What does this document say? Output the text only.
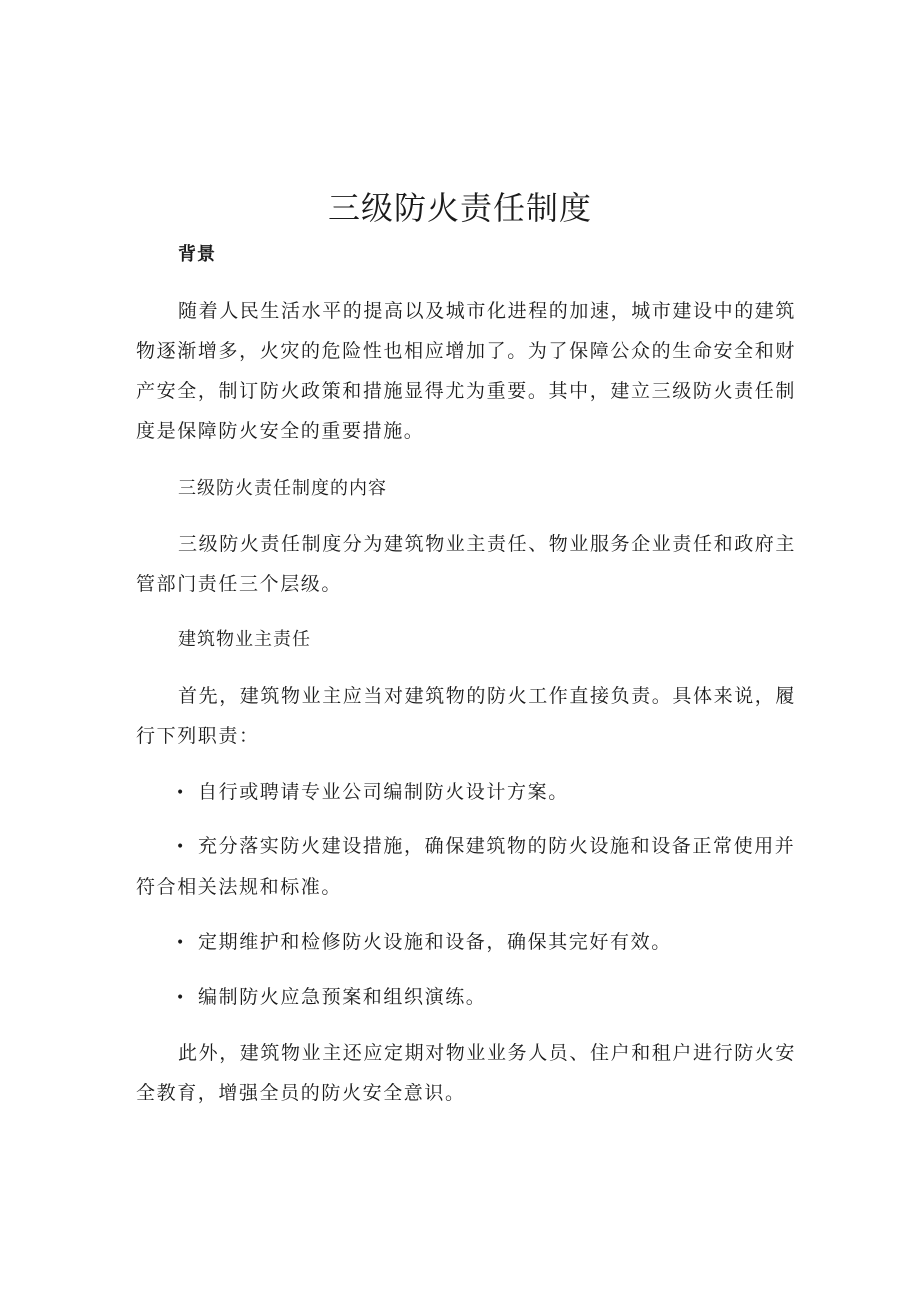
三级防火责任制度

背景

随着人民生活水平的提高以及城市化进程的加速，城市建设中的建筑物逐渐增多，火灾的危险性也相应增加了。为了保障公众的生命安全和财产安全，制订防火政策和措施显得尤为重要。其中，建立三级防火责任制度是保障防火安全的重要措施。

三级防火责任制度的内容

三级防火责任制度分为建筑物业主责任、物业服务企业责任和政府主管部门责任三个层级。

建筑物业主责任

首先，建筑物业主应当对建筑物的防火工作直接负责。具体来说，履行下列职责：

• 自行或聘请专业公司编制防火设计方案。

• 充分落实防火建设措施，确保建筑物的防火设施和设备正常使用并符合相关法规和标准。

• 定期维护和检修防火设施和设备，确保其完好有效。

• 编制防火应急预案和组织演练。

此外，建筑物业主还应定期对物业业务人员、住户和租户进行防火安全教育，增强全员的防火安全意识。
